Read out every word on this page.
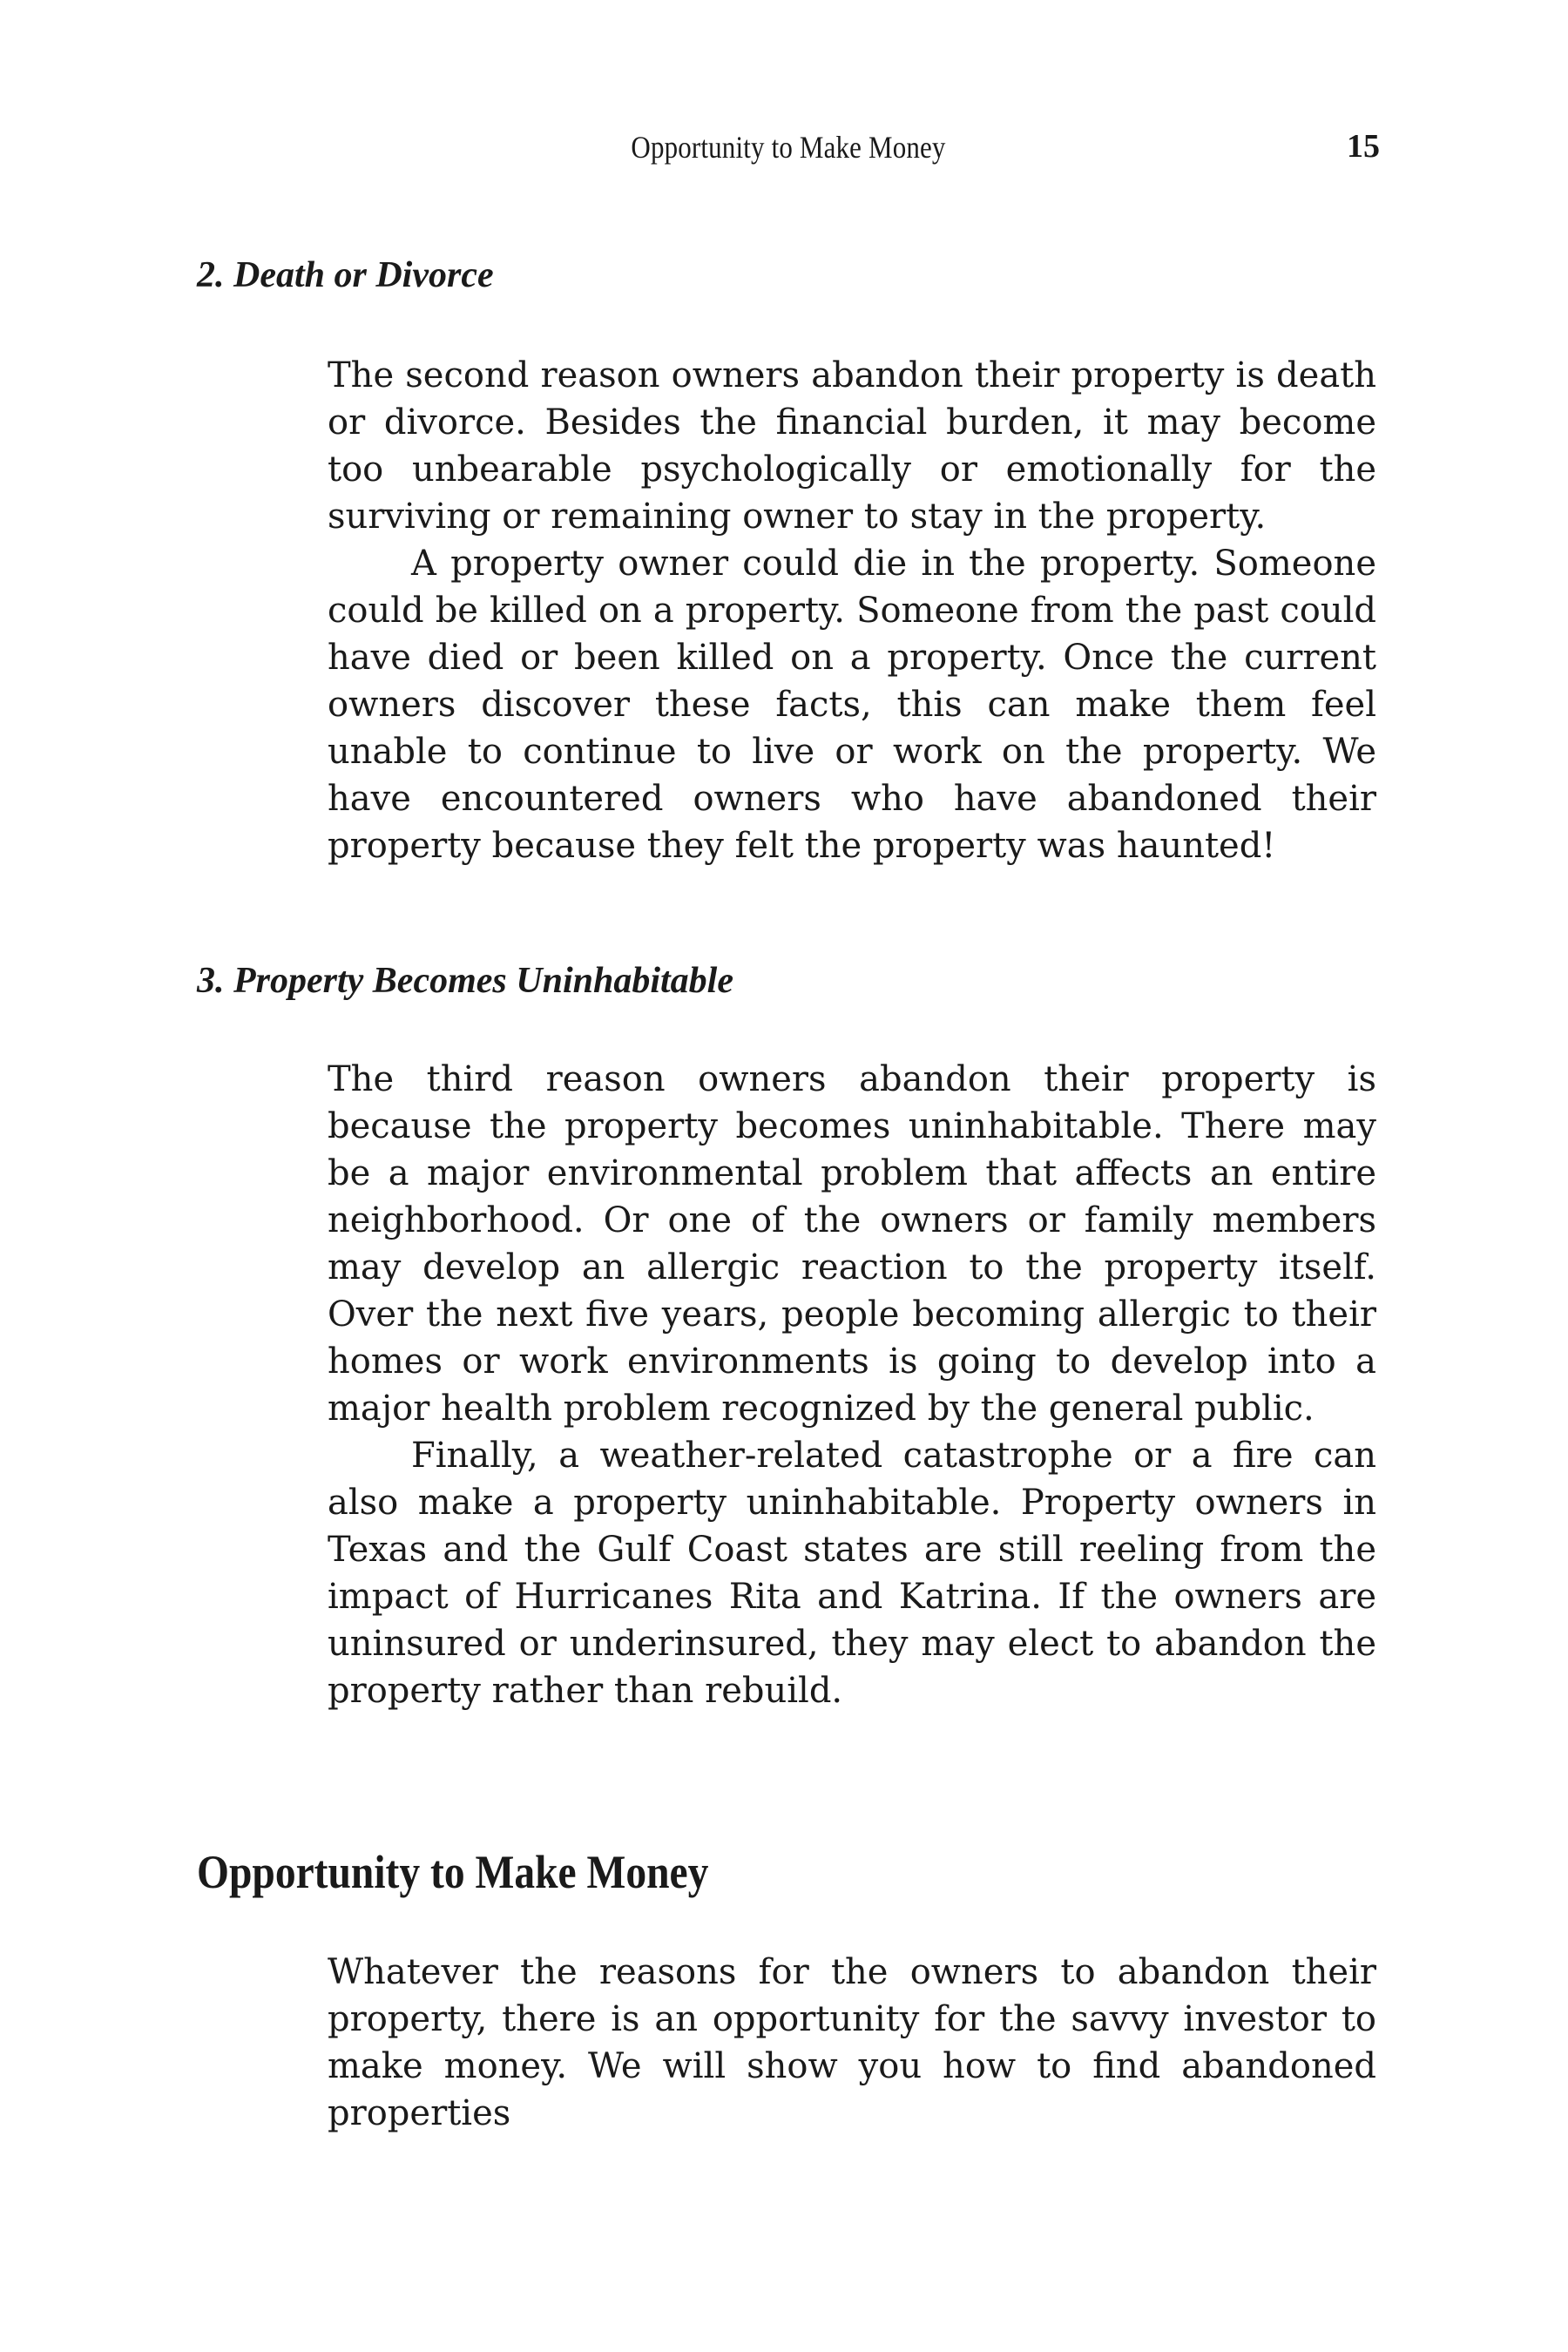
Opportunity to Make Money	15
2. Death or Divorce

The second reason owners abandon their property is death or divorce. Besides the financial burden, it may become too unbearable psychologically or emotionally for the surviving or remaining owner to stay in the property.

A property owner could die in the property. Someone could be killed on a property. Someone from the past could have died or been killed on a property. Once the current owners discover these facts, this can make them feel unable to continue to live or work on the property. We have encountered owners who have abandoned their property because they felt the property was haunted!

3. Property Becomes Uninhabitable

The third reason owners abandon their property is because the property becomes uninhabitable. There may be a major environmental problem that affects an entire neighborhood. Or one of the owners or family members may develop an allergic reaction to the property itself. Over the next five years, people becoming allergic to their homes or work environments is going to develop into a major health problem recognized by the general public.

Finally, a weather-related catastrophe or a fire can also make a property uninhabitable. Property owners in Texas and the Gulf Coast states are still reeling from the impact of Hurricanes Rita and Katrina. If the owners are uninsured or underinsured, they may elect to abandon the property rather than rebuild.

Opportunity to Make Money

Whatever the reasons for the owners to abandon their property, there is an opportunity for the savvy investor to make money. We will show you how to find abandoned properties
